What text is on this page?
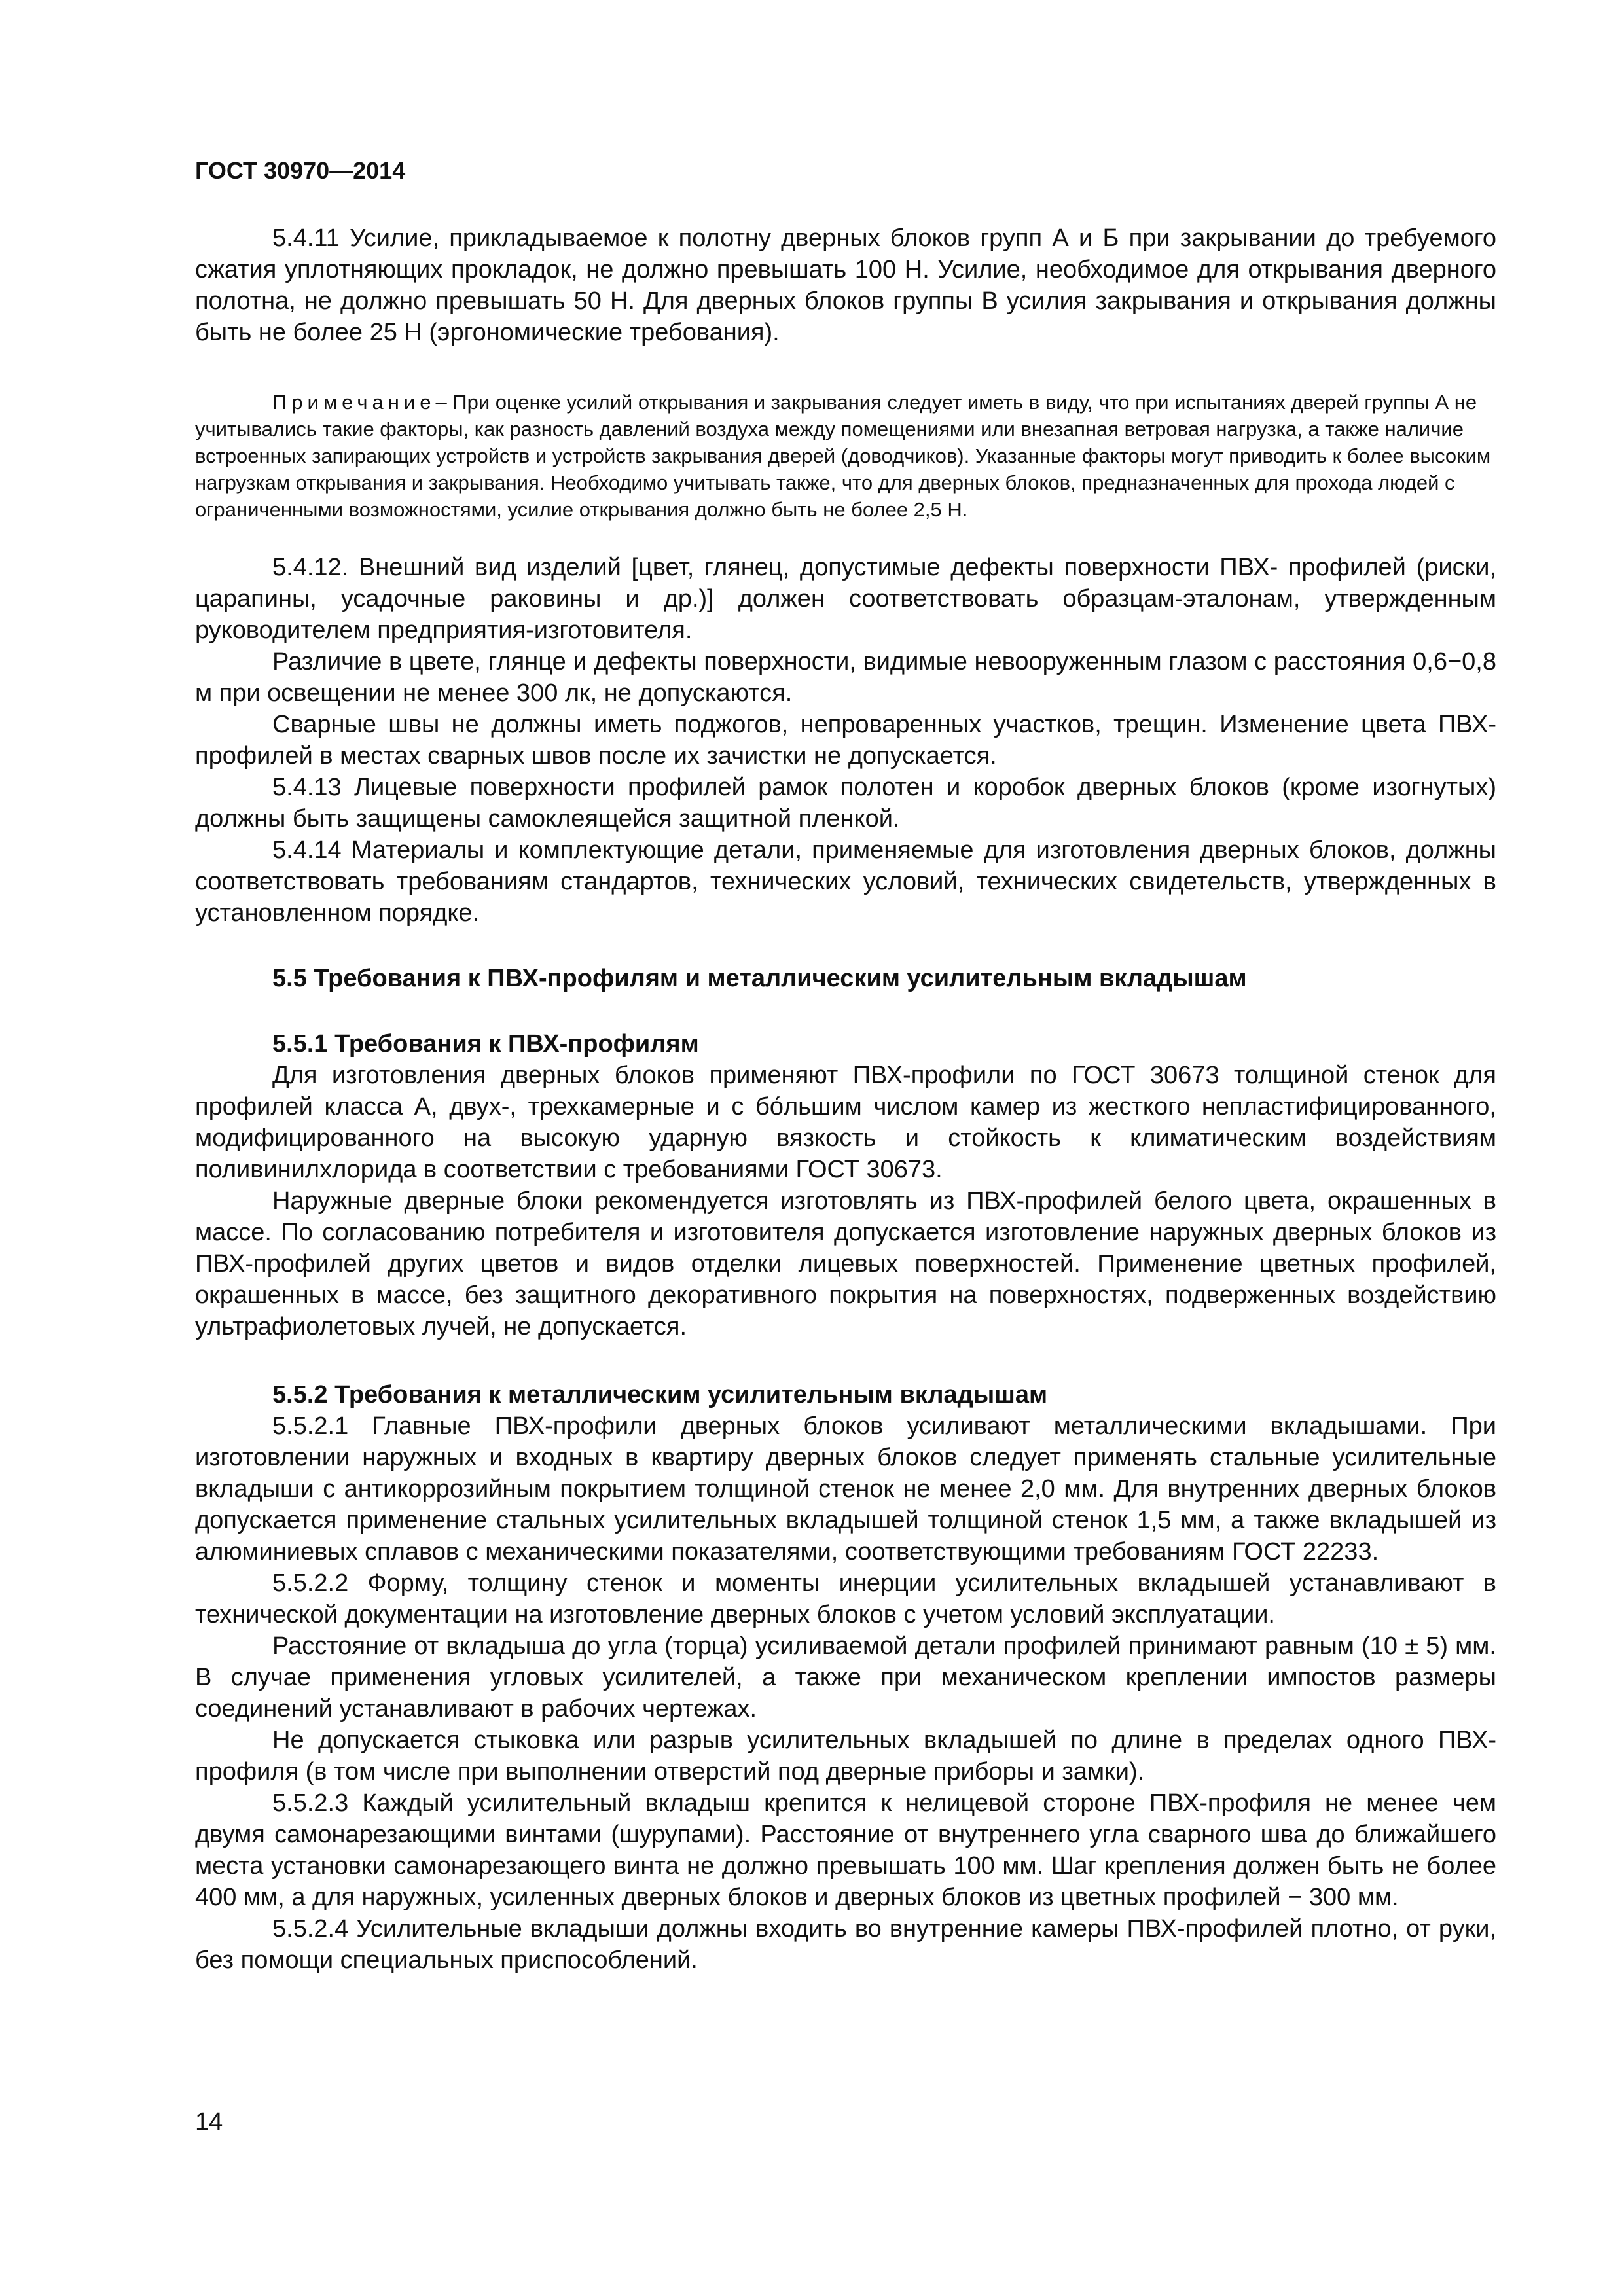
ГОСТ 30970—2014

5.4.11 Усилие, прикладываемое к полотну дверных блоков групп А и Б при закрывании до требуемого сжатия уплотняющих прокладок, не должно превышать 100 Н. Усилие, необходимое для открывания дверного полотна, не должно превышать 50 Н. Для дверных блоков группы В усилия закрывания и открывания должны быть не более 25 Н (эргономические требования).

Примечание– При оценке усилий открывания и закрывания следует иметь в виду, что при испытаниях дверей группы А не учитывались такие факторы, как разность давлений воздуха между помещениями или внезапная ветровая нагрузка, а также наличие встроенных запирающих устройств и устройств закрывания дверей (доводчиков). Указанные факторы могут приводить к более высоким нагрузкам открывания и закрывания. Необходимо учитывать также, что для дверных блоков, предназначенных для прохода людей с ограниченными возможностями, усилие открывания должно быть не более 2,5 Н.

5.4.12. Внешний вид изделий [цвет, глянец, допустимые дефекты поверхности ПВХ- профилей (риски, царапины, усадочные раковины и др.)] должен соответствовать образцам-эталонам, утвержденным руководителем предприятия-изготовителя.

Различие в цвете, глянце и дефекты поверхности, видимые невооруженным глазом с расстояния 0,6−0,8 м при освещении не менее 300 лк, не допускаются.

Сварные швы не должны иметь поджогов, непроваренных участков, трещин. Изменение цвета ПВХ-профилей в местах сварных швов после их зачистки не допускается.

5.4.13 Лицевые поверхности профилей рамок полотен и коробок дверных блоков (кроме изогнутых) должны быть защищены самоклеящейся защитной пленкой.

5.4.14 Материалы и комплектующие детали, применяемые для изготовления дверных блоков, должны соответствовать требованиям стандартов, технических условий, технических свидетельств, утвержденных в установленном порядке.

5.5 Требования к ПВХ-профилям и металлическим усилительным вкладышам
5.5.1 Требования к ПВХ-профилям

Для изготовления дверных блоков применяют ПВХ-профили по ГОСТ 30673 толщиной стенок для профилей класса А, двух-, трехкамерные и с бо́льшим числом камер из жесткого непластифицированного, модифицированного на высокую ударную вязкость и стойкость к климатическим воздействиям поливинилхлорида в соответствии с требованиями ГОСТ 30673.

Наружные дверные блоки рекомендуется изготовлять из ПВХ-профилей белого цвета, окрашенных в массе. По согласованию потребителя и изготовителя допускается изготовление наружных дверных блоков из ПВХ-профилей других цветов и видов отделки лицевых поверхностей. Применение цветных профилей, окрашенных в массе, без защитного декоративного покрытия на поверхностях, подверженных воздействию ультрафиолетовых лучей, не допускается.

5.5.2 Требования к металлическим усилительным вкладышам

5.5.2.1 Главные ПВХ-профили дверных блоков усиливают металлическими вкладышами. При изготовлении наружных и входных в квартиру дверных блоков следует применять стальные усилительные вкладыши с антикоррозийным покрытием толщиной стенок не менее 2,0 мм. Для внутренних дверных блоков допускается применение стальных усилительных вкладышей толщиной стенок 1,5 мм, а также вкладышей из алюминиевых сплавов с механическими показателями, соответствующими требованиям ГОСТ 22233.

5.5.2.2 Форму, толщину стенок и моменты инерции усилительных вкладышей устанавливают в технической документации на изготовление дверных блоков с учетом условий эксплуатации.

Расстояние от вкладыша до угла (торца) усиливаемой детали профилей принимают равным (10 ± 5) мм. В случае применения угловых усилителей, а также при механическом креплении импостов размеры соединений устанавливают в рабочих чертежах.

Не допускается стыковка или разрыв усилительных вкладышей по длине в пределах одного ПВХ-профиля (в том числе при выполнении отверстий под дверные приборы и замки).

5.5.2.3 Каждый усилительный вкладыш крепится к нелицевой стороне ПВХ-профиля не менее чем двумя самонарезающими винтами (шурупами). Расстояние от внутреннего угла сварного шва до ближайшего места установки самонарезающего винта не должно превышать 100 мм. Шаг крепления должен быть не более 400 мм, а для наружных, усиленных дверных блоков и дверных блоков из цветных профилей − 300 мм.

5.5.2.4 Усилительные вкладыши должны входить во внутренние камеры ПВХ-профилей плотно, от руки, без помощи специальных приспособлений.

14
